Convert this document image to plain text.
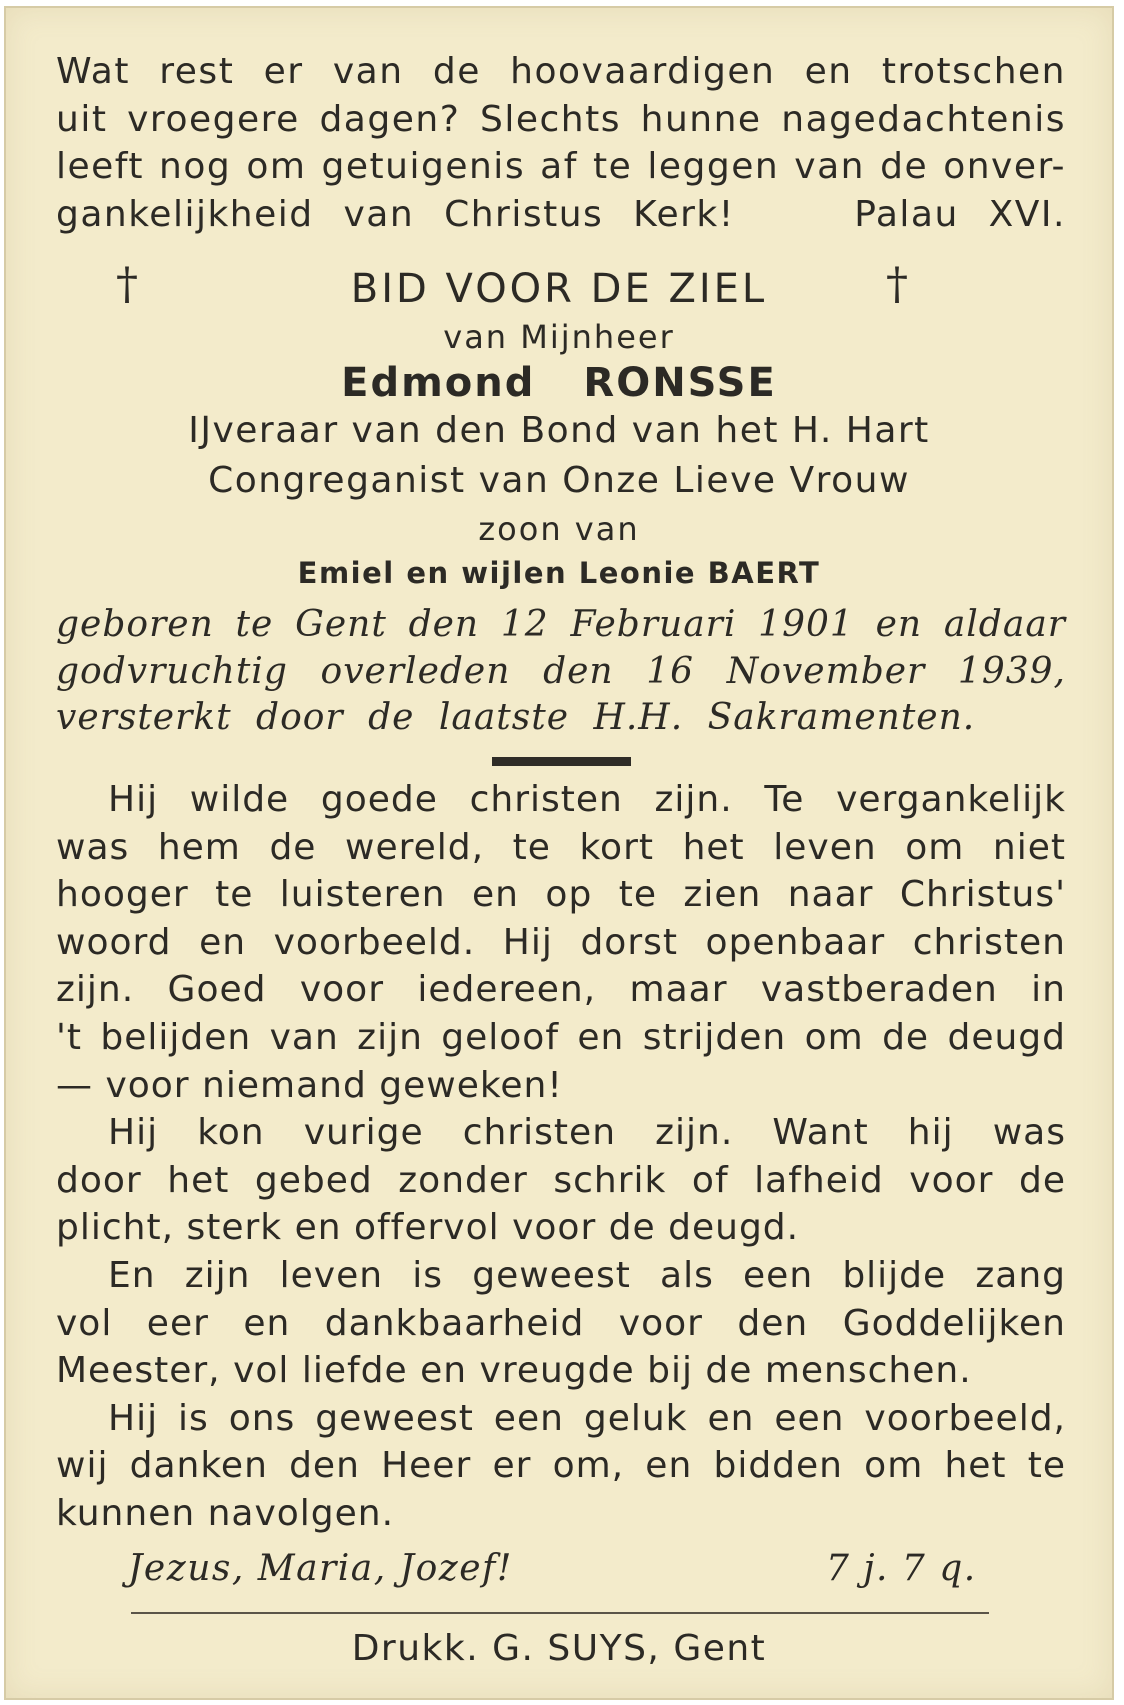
Wat rest er van de hoovaardigen en trotschen
uit vroegere dagen? Slechts hunne nagedachtenis
leeft nog om getuigenis af te leggen van de onver-
gankelijkheid van Christus Kerk!    Palau XVI.
†	†
BID VOOR DE ZIEL
van Mijnheer
Edmond RONSSE
IJveraar van den Bond van het H. Hart
Congreganist van Onze Lieve Vrouw
zoon van
Emiel en wijlen Leonie BAERT
geboren te Gent den 12 Februari 1901 en aldaar
godvruchtig overleden den 16 November 1939,
versterkt door de laatste H.H. Sakramenten.
Hij wilde goede christen zijn. Te vergankelijk
was hem de wereld, te kort het leven om niet
hooger te luisteren en op te zien naar Christus'
woord en voorbeeld. Hij dorst openbaar christen
zijn. Goed voor iedereen, maar vastberaden in
't belijden van zijn geloof en strijden om de deugd
— voor niemand geweken!
Hij kon vurige christen zijn. Want hij was
door het gebed zonder schrik of lafheid voor de
plicht, sterk en offervol voor de deugd.
En zijn leven is geweest als een blijde zang
vol eer en dankbaarheid voor den Goddelijken
Meester, vol liefde en vreugde bij de menschen.
Hij is ons geweest een geluk en een voorbeeld,
wij danken den Heer er om, en bidden om het te
kunnen navolgen.
Jezus, Maria, Jozef!	7 j. 7 q.
Drukk. G. SUYS, Gent
